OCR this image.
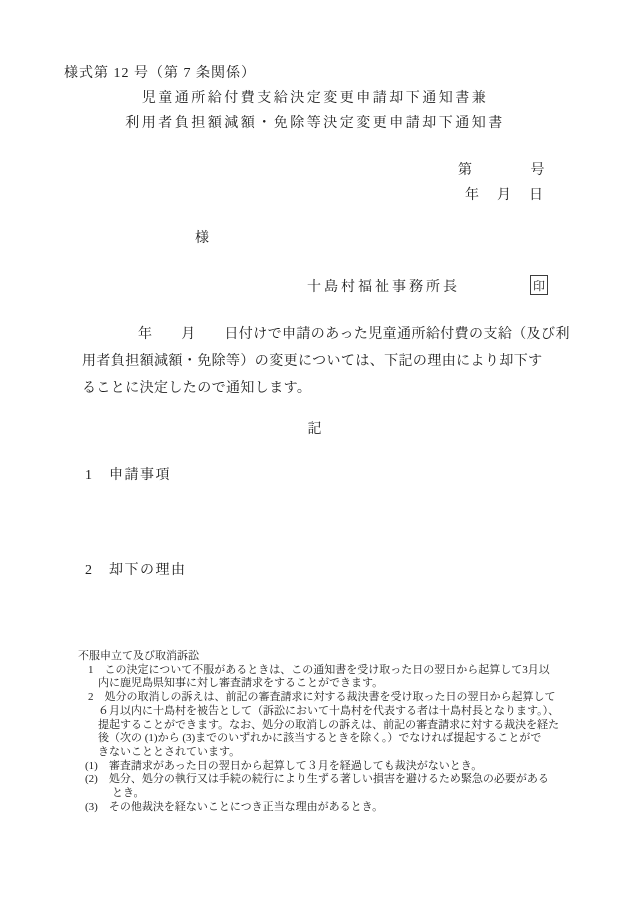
様式第 12 号（第 7 条関係）
児童通所給付費支給決定変更申請却下通知書兼
利用者負担額減額・免除等決定変更申請却下通知書
第　　　　号
年　月　日
様
十島村福祉事務所長	印
年　　月　　日付けで申請のあった児童通所給付費の支給（及び利
用者負担額減額・免除等）の変更については、下記の理由により却下す
ることに決定したので通知します。
記
1 申請事項
2 却下の理由
不服申立て及び取消訴訟
1　この決定について不服があるときは、この通知書を受け取った日の翌日から起算して3月以
内に鹿児島県知事に対し審査請求をすることができます。
2　処分の取消しの訴えは、前記の審査請求に対する裁決書を受け取った日の翌日から起算して
６月以内に十島村を被告として（訴訟において十島村を代表する者は十島村長となります。）、
提起することができます。なお、処分の取消しの訴えは、前記の審査請求に対する裁決を経た
後（次の (1)から (3)までのいずれかに該当するときを除く。）でなければ提起することがで
きないこととされています。
(1)　審査請求があった日の翌日から起算して３月を経過しても裁決がないとき。
(2)　処分、処分の執行又は手続の続行により生ずる著しい損害を避けるため緊急の必要がある
とき。
(3)　その他裁決を経ないことにつき正当な理由があるとき。
